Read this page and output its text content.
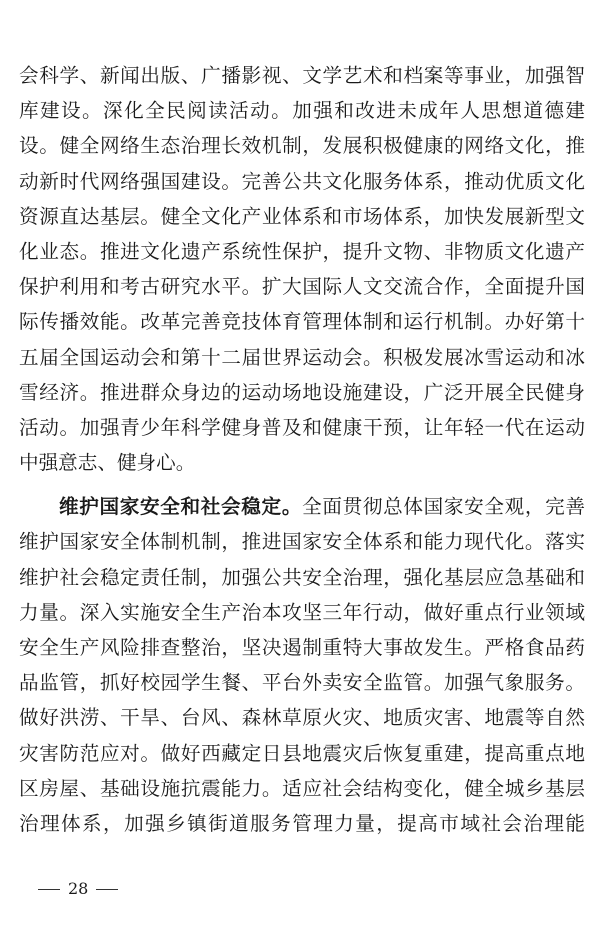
会科学、新闻出版、广播影视、文学艺术和档案等事业，加强智
库建设。深化全民阅读活动。加强和改进未成年人思想道德建
设。健全网络生态治理长效机制，发展积极健康的网络文化，推
动新时代网络强国建设。完善公共文化服务体系，推动优质文化
资源直达基层。健全文化产业体系和市场体系，加快发展新型文
化业态。推进文化遗产系统性保护，提升文物、非物质文化遗产
保护利用和考古研究水平。扩大国际人文交流合作，全面提升国
际传播效能。改革完善竞技体育管理体制和运行机制。办好第十
五届全国运动会和第十二届世界运动会。积极发展冰雪运动和冰
雪经济。推进群众身边的运动场地设施建设，广泛开展全民健身
活动。加强青少年科学健身普及和健康干预，让年轻一代在运动
中强意志、健身心。
维护国家安全和社会稳定。全面贯彻总体国家安全观，完善
维护国家安全体制机制，推进国家安全体系和能力现代化。落实
维护社会稳定责任制，加强公共安全治理，强化基层应急基础和
力量。深入实施安全生产治本攻坚三年行动，做好重点行业领域
安全生产风险排查整治，坚决遏制重特大事故发生。严格食品药
品监管，抓好校园学生餐、平台外卖安全监管。加强气象服务。
做好洪涝、干旱、台风、森林草原火灾、地质灾害、地震等自然
灾害防范应对。做好西藏定日县地震灾后恢复重建，提高重点地
区房屋、基础设施抗震能力。适应社会结构变化，健全城乡基层
治理体系，加强乡镇街道服务管理力量，提高市域社会治理能
28
